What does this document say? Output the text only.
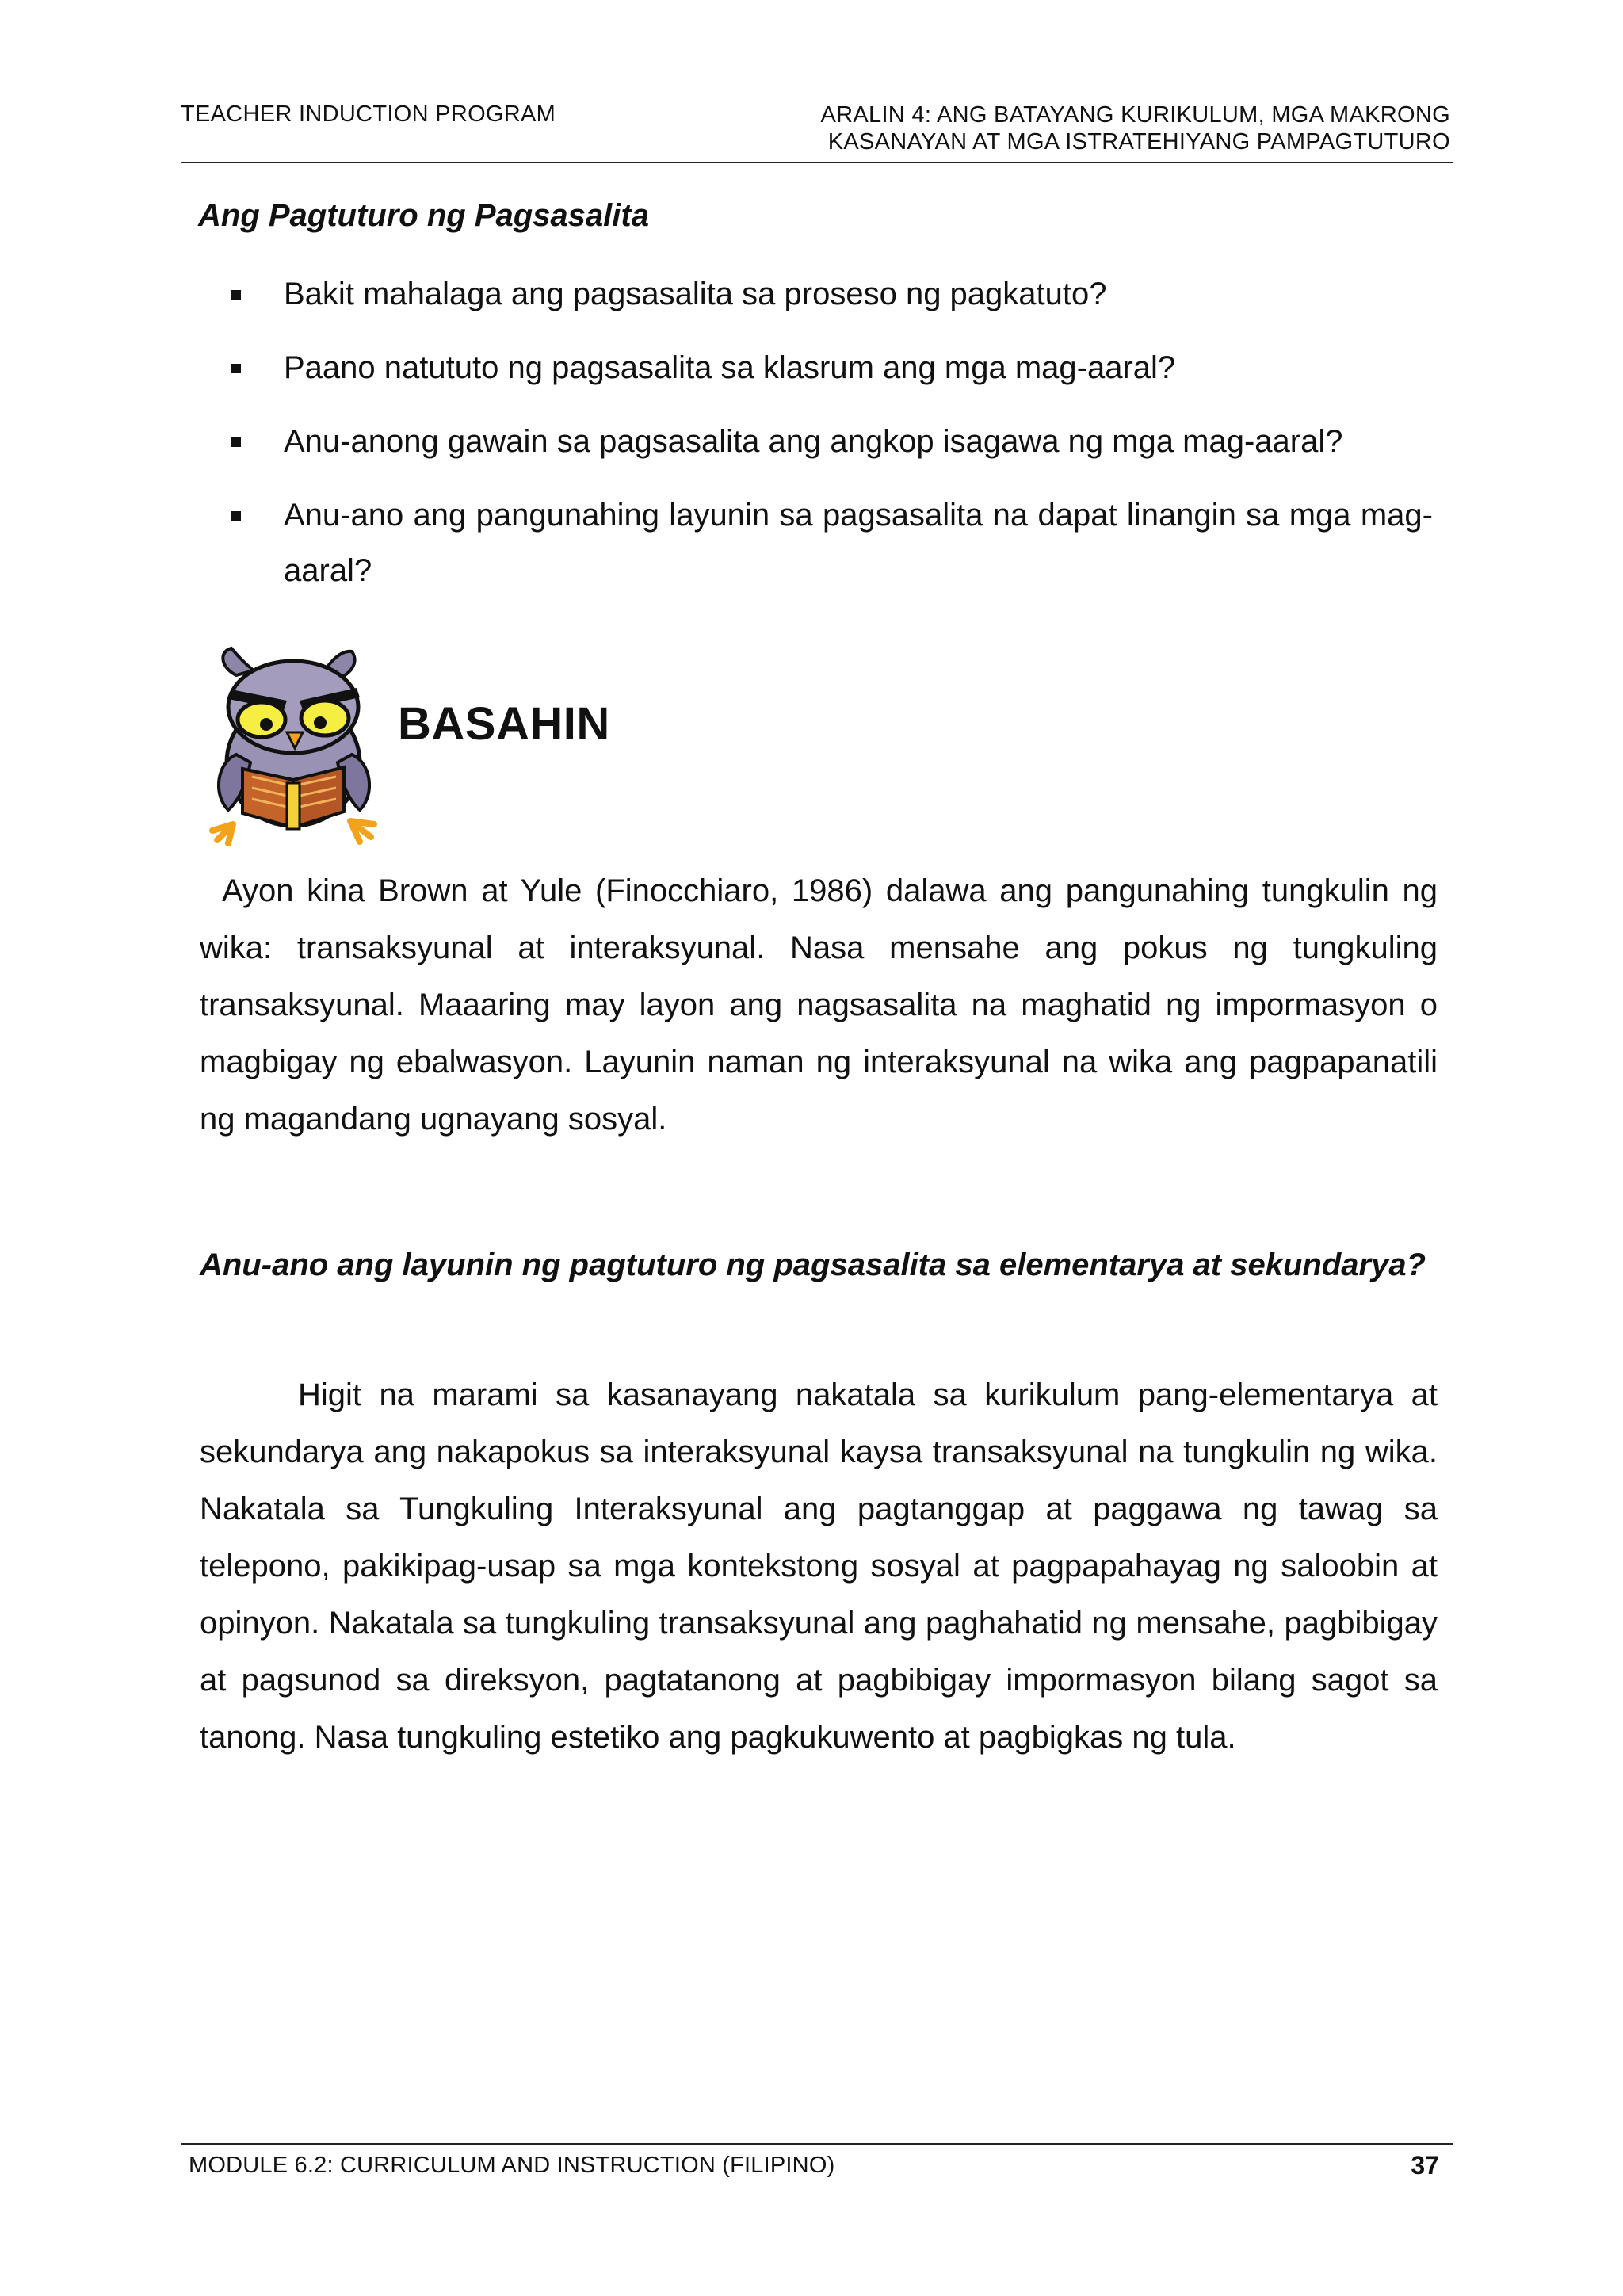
TEACHER INDUCTION PROGRAM	ARALIN 4: ANG BATAYANG KURIKULUM, MGA MAKRONG
KASANAYAN AT MGA ISTRATEHIYANG PAMPAGTUTURO
Ang Pagtuturo ng Pagsasalita
Bakit mahalaga ang pagsasalita sa proseso ng pagkatuto?
Paano natututo ng pagsasalita sa klasrum ang mga mag-aaral?
Anu-anong gawain sa pagsasalita ang angkop isagawa ng mga mag-aaral?
Anu-ano ang pangunahing layunin sa pagsasalita na dapat linangin sa mga mag-aaral?
BASAHIN

Ayon kina Brown at Yule (Finocchiaro, 1986) dalawa ang pangunahing tungkulin ng wika: transaksyunal at interaksyunal. Nasa mensahe ang pokus ng tungkuling transaksyunal. Maaaring may layon ang nagsasalita na maghatid ng impormasyon o magbigay ng ebalwasyon. Layunin naman ng interaksyunal na wika ang pagpapanatili ng magandang ugnayang sosyal.

Anu-ano ang layunin ng pagtuturo ng pagsasalita sa elementarya at sekundarya?

Higit na marami sa kasanayang nakatala sa kurikulum pang-elementarya at sekundarya ang nakapokus sa interaksyunal kaysa transaksyunal na tungkulin ng wika. Nakatala sa Tungkuling Interaksyunal ang pagtanggap at paggawa ng tawag sa telepono, pakikipag-usap sa mga kontekstong sosyal at pagpapahayag ng saloobin at opinyon. Nakatala sa tungkuling transaksyunal ang paghahatid ng mensahe, pagbibigay at pagsunod sa direksyon, pagtatanong at pagbibigay impormasyon bilang sagot sa tanong. Nasa tungkuling estetiko ang pagkukuwento at pagbigkas ng tula.

MODULE 6.2: CURRICULUM AND INSTRUCTION (FILIPINO)	37
